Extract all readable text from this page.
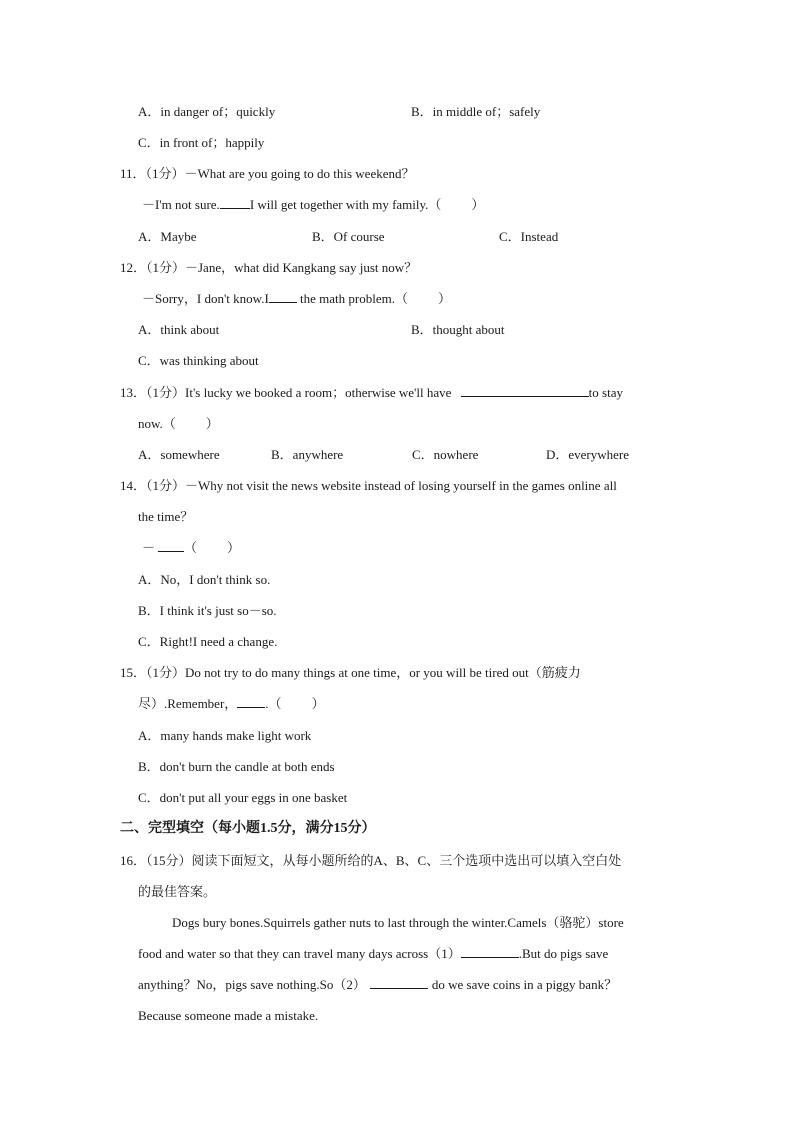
A．in danger of；quickly	B．in middle of；safely
C．in front of；happily
11．（1分）－What are you going to do this weekend？
－I'm not sure. I will get together with my family.（ ）
A．Maybe	B．Of course	C．Instead
12．（1分）－Jane，what did Kangkang say just now？
－Sorry，I don't know.I the math problem.（ ）
A．think about	B．thought about
C．was thinking about
13．（1分）It's lucky we booked a room；otherwise we'll have	to stay
now.（ ）
A．somewhere	B．anywhere	C．nowhere	D．everywhere
14．（1分）－Why not visit the news website instead of losing yourself in the games online all
the time？
－ （ ）
A．No，I don't think so.
B．I think it's just so－so.
C．Right!I need a change.
15．（1分）Do not try to do many things at one time，or you will be tired out（筋疲力
尽）.Remember， .（ ）
A．many hands make light work
B．don't burn the candle at both ends
C．don't put all your eggs in one basket
二、完型填空（每小题1.5分，满分15分）
16．（15分）阅读下面短文，从每小题所给的A、B、C、三个选项中选出可以填入空白处
的最佳答案。
Dogs bury bones.Squirrels gather nuts to last through the winter.Camels（骆驼）store
food and water so that they can travel many days across（1）	.But do pigs save
anything？No，pigs save nothing.So（2）	do we save coins in a piggy bank？
Because someone made a mistake.
